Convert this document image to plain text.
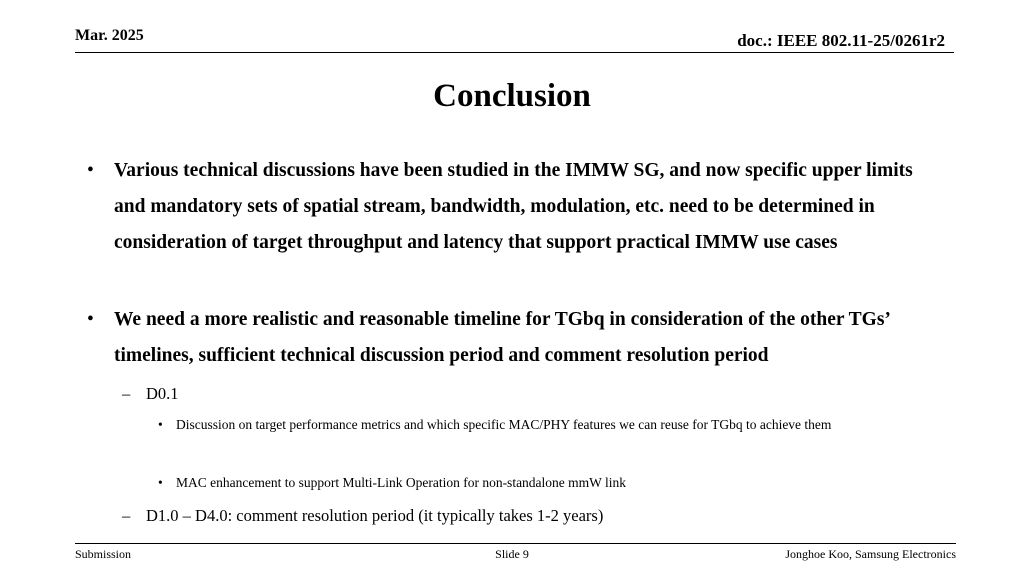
Mar. 2025	doc.: IEEE 802.11-25/0261r2
Conclusion
• Various technical discussions have been studied in the IMMW SG, and now specific upper limits and mandatory sets of spatial stream, bandwidth, modulation, etc. need to be determined in consideration of target throughput and latency that support practical IMMW use cases
• We need a more realistic and reasonable timeline for TGbq in consideration of the other TGs’ timelines, sufficient technical discussion period and comment resolution period
– D0.1
• Discussion on target performance metrics and which specific MAC/PHY features we can reuse for TGbq to achieve them
• MAC enhancement to support Multi-Link Operation for non-standalone mmW link
– D1.0 – D4.0: comment resolution period (it typically takes 1-2 years)
Submission	Slide 9	Jonghoe Koo, Samsung Electronics
